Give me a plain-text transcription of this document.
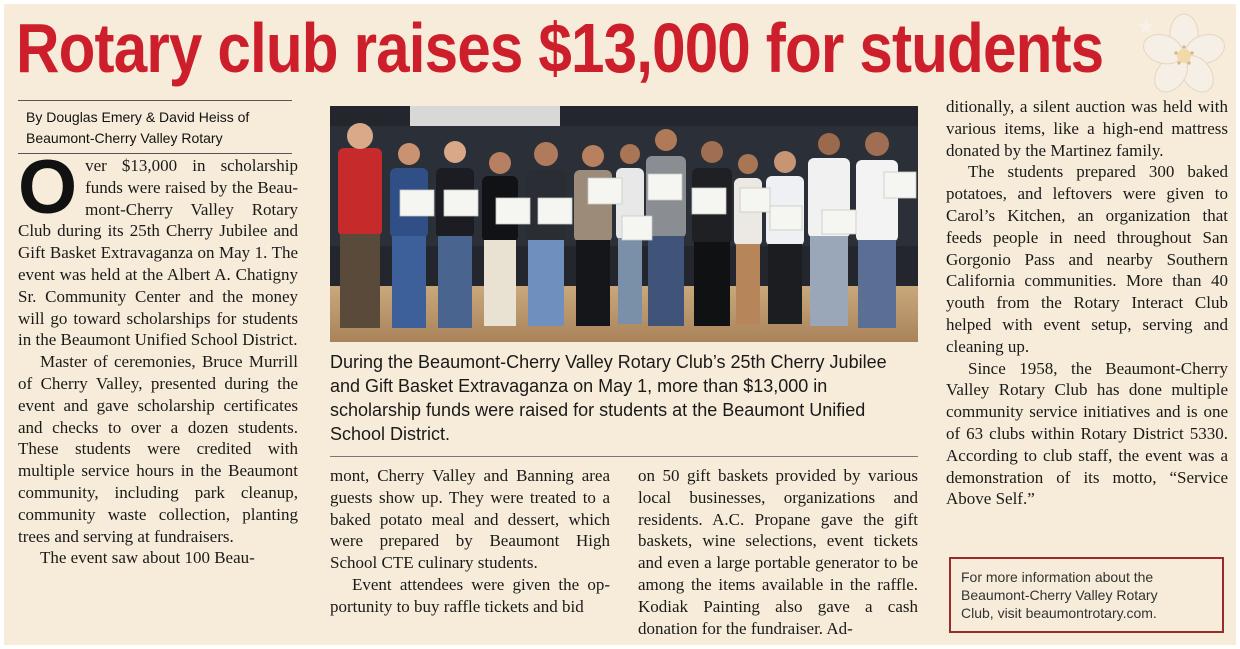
Rotary club raises $13,000 for students
By Douglas Emery & David Heiss of
Beaumont-Cherry Valley Rotary

Over $13,000 in scholarship funds were raised by the Beaumont-Cherry Valley Rotary Club during its 25th Cherry Jubilee and Gift Basket Extravaganza on May 1. The event was held at the Albert A. Chatigny Sr. Community Center and the money will go toward scholarships for students in the Beaumont Unified School District.

Master of ceremonies, Bruce Murrill of Cherry Valley, presented during the event and gave scholarship certificates and checks to over a dozen students. These students were credited with multiple service hours in the Beaumont community, including park cleanup, community waste collection, planting trees and serving at fundraisers.

The event saw about 100 Beau-

During the Beaumont-Cherry Valley Rotary Club’s 25th Cherry Jubilee and Gift Basket Extravaganza on May 1, more than $13,000 in scholarship funds were raised for students at the Beaumont Unified School District.

mont, Cherry Valley and Banning area guests show up. They were treated to a baked potato meal and dessert, which were prepared by Beaumont High School CTE culinary students.

Event attendees were given the opportunity to buy raffle tickets and bid

on 50 gift baskets provided by various local businesses, organizations and residents. A.C. Propane gave the gift baskets, wine selections, event tickets and even a large portable generator to be among the items available in the raffle. Kodiak Painting also gave a cash donation for the fundraiser. Ad-

ditionally, a silent auction was held with various items, like a high-end mattress donated by the Martinez family.

The students prepared 300 baked potatoes, and leftovers were given to Carol’s Kitchen, an organization that feeds people in need throughout San Gorgonio Pass and nearby Southern California communities. More than 40 youth from the Rotary Interact Club helped with event setup, serving and cleaning up.

Since 1958, the Beaumont-Cherry Valley Rotary Club has done multiple community service initiatives and is one of 63 clubs within Rotary District 5330. According to club staff, the event was a demonstration of its motto, “Service Above Self.”

For more information about the
Beaumont-Cherry Valley Rotary
Club, visit beaumontrotary.com.
